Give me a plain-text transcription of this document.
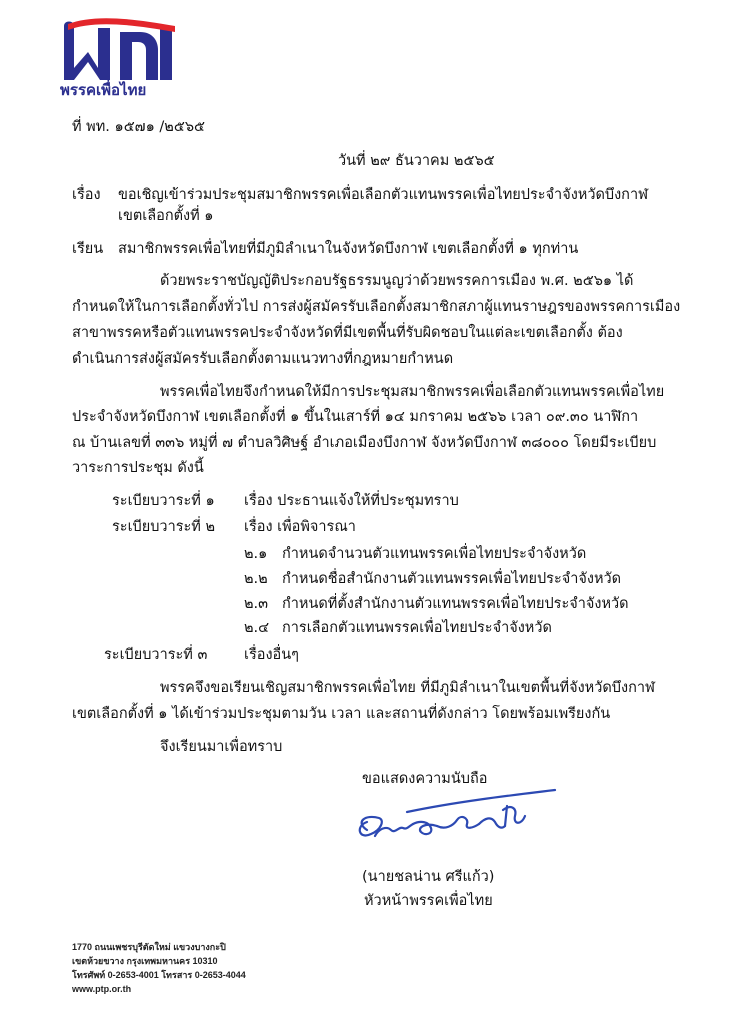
พรรคเพื่อไทย
ที่ พท. ๑๕๗๑ /๒๕๖๕
วันที่ ๒๙ ธันวาคม ๒๕๖๕
เรื่อง ขอเชิญเข้าร่วมประชุมสมาชิกพรรคเพื่อเลือกตัวแทนพรรคเพื่อไทยประจำจังหวัดบึงกาฬ
เขตเลือกตั้งที่ ๑
เรียน สมาชิกพรรคเพื่อไทยที่มีภูมิลำเนาในจังหวัดบึงกาฬ เขตเลือกตั้งที่ ๑ ทุกท่าน
ด้วยพระราชบัญญัติประกอบรัฐธรรมนูญว่าด้วยพรรคการเมือง พ.ศ. ๒๕๖๑ ได้
กำหนดให้ในการเลือกตั้งทั่วไป การส่งผู้สมัครรับเลือกตั้งสมาชิกสภาผู้แทนราษฎรของพรรคการเมือง
สาขาพรรคหรือตัวแทนพรรคประจำจังหวัดที่มีเขตพื้นที่รับผิดชอบในแต่ละเขตเลือกตั้ง ต้อง
ดำเนินการส่งผู้สมัครรับเลือกตั้งตามแนวทางที่กฎหมายกำหนด
พรรคเพื่อไทยจึงกำหนดให้มีการประชุมสมาชิกพรรคเพื่อเลือกตัวแทนพรรคเพื่อไทย
ประจำจังหวัดบึงกาฬ เขตเลือกตั้งที่ ๑ ขึ้นในเสาร์ที่ ๑๔ มกราคม ๒๕๖๖ เวลา ๐๙.๓๐ นาฬิกา
ณ บ้านเลขที่ ๓๓๖ หมู่ที่ ๗ ตำบลวิศิษฐ์ อำเภอเมืองบึงกาฬ จังหวัดบึงกาฬ ๓๘๐๐๐ โดยมีระเบียบ
วาระการประชุม ดังนี้
ระเบียบวาระที่ ๑ เรื่อง ประธานแจ้งให้ที่ประชุมทราบ
ระเบียบวาระที่ ๒ เรื่อง เพื่อพิจารณา
๒.๑ กำหนดจำนวนตัวแทนพรรคเพื่อไทยประจำจังหวัด
๒.๒ กำหนดชื่อสำนักงานตัวแทนพรรคเพื่อไทยประจำจังหวัด
๒.๓ กำหนดที่ตั้งสำนักงานตัวแทนพรรคเพื่อไทยประจำจังหวัด
๒.๔ การเลือกตัวแทนพรรคเพื่อไทยประจำจังหวัด
ระเบียบวาระที่ ๓	เรื่องอื่นๆ
พรรคจึงขอเรียนเชิญสมาชิกพรรคเพื่อไทย ที่มีภูมิลำเนาในเขตพื้นที่จังหวัดบึงกาฬ
เขตเลือกตั้งที่ ๑ ได้เข้าร่วมประชุมตามวัน เวลา และสถานที่ดังกล่าว โดยพร้อมเพรียงกัน
จึงเรียนมาเพื่อทราบ
ขอแสดงความนับถือ
(นายชลน่าน ศรีแก้ว)
หัวหน้าพรรคเพื่อไทย
1770 ถนนเพชรบุรีตัดใหม่ แขวงบางกะปิ
เขตห้วยขวาง กรุงเทพมหานคร 10310
โทรศัพท์ 0-2653-4001 โทรสาร 0-2653-4044
www.ptp.or.th
